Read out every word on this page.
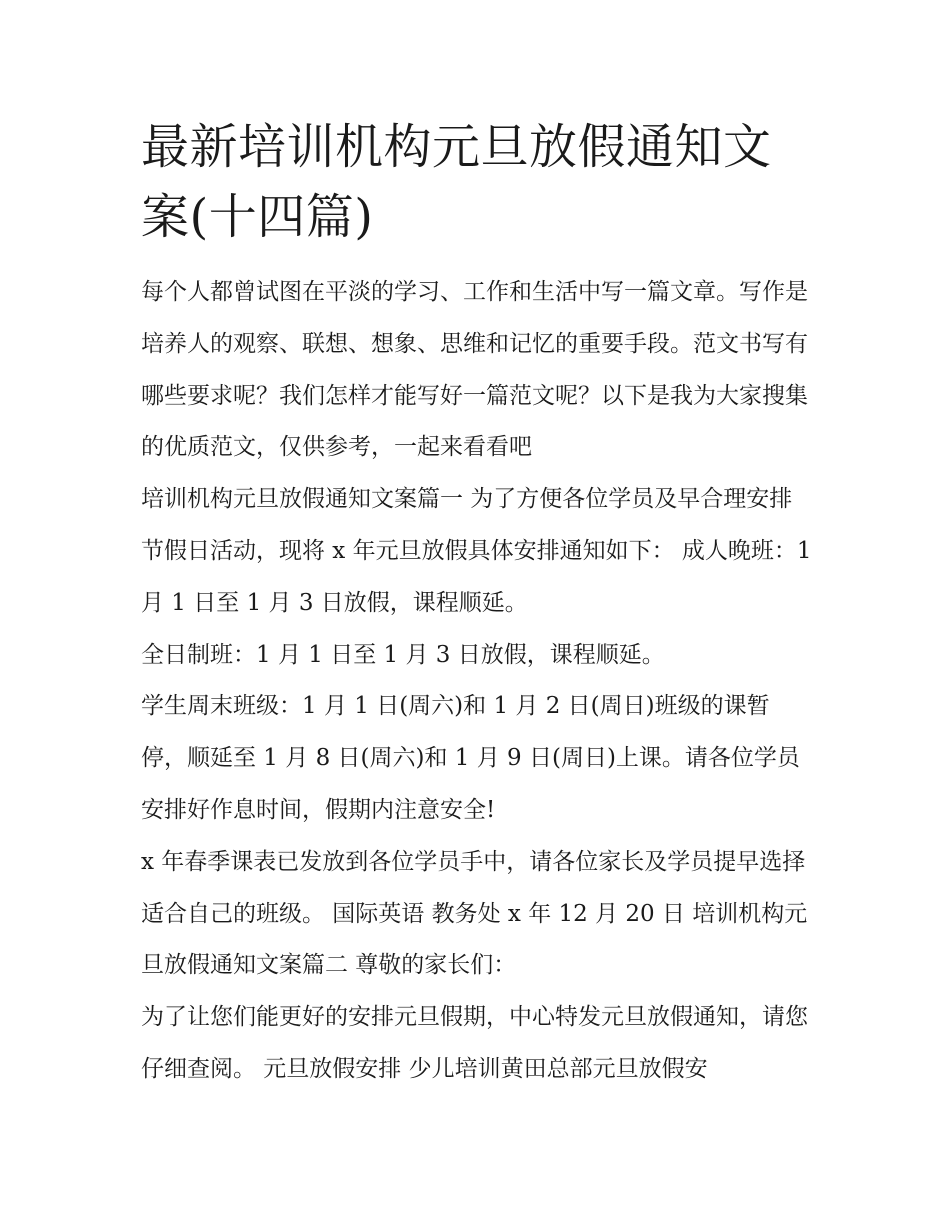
最新培训机构元旦放假通知文案(十四篇)

每个人都曾试图在平淡的学习、工作和生活中写一篇文章。写作是培养人的观察、联想、想象、思维和记忆的重要手段。范文书写有哪些要求呢？我们怎样才能写好一篇范文呢？以下是我为大家搜集的优质范文，仅供参考，一起来看看吧

培训机构元旦放假通知文案篇一 为了方便各位学员及早合理安排节假日活动，现将 x 年元旦放假具体安排通知如下： 成人晚班：1 月 1 日至 1 月 3 日放假，课程顺延。

全日制班：1 月 1 日至 1 月 3 日放假，课程顺延。

学生周末班级：1 月 1 日(周六)和 1 月 2 日(周日)班级的课暂停，顺延至 1 月 8 日(周六)和 1 月 9 日(周日)上课。请各位学员安排好作息时间，假期内注意安全!

x 年春季课表已发放到各位学员手中，请各位家长及学员提早选择适合自己的班级。 国际英语 教务处 x 年 12 月 20 日 培训机构元旦放假通知文案篇二 尊敬的家长们：

为了让您们能更好的安排元旦假期，中心特发元旦放假通知，请您仔细查阅。 元旦放假安排 少儿培训黄田总部元旦放假安
